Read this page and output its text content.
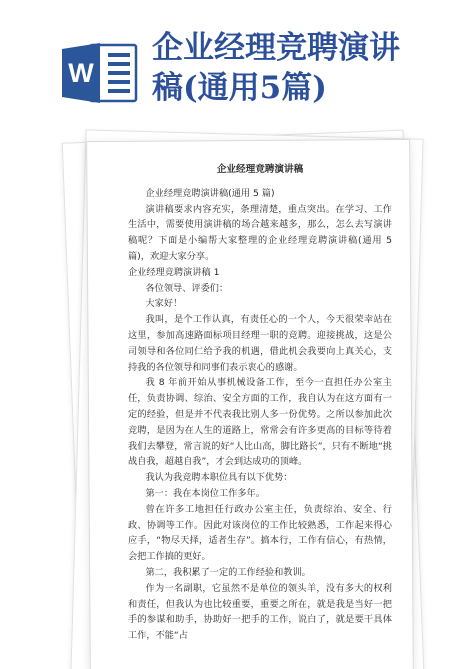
W
企业经理竞聘演讲
稿(通用5篇)
企业经理竞聘演讲稿

企业经理竞聘演讲稿(通用 5 篇)

演讲稿要求内容充实，条理清楚，重点突出。在学习、工作生活中，需要使用演讲稿的场合越来越多，那么，怎么去写演讲稿呢？下面是小编帮大家整理的企业经理竞聘演讲稿(通用 5 篇)，欢迎大家分享。

企业经理竞聘演讲稿 1

各位领导、评委们：

大家好！

我叫，是个工作认真，有责任心的一个人，今天很荣幸站在这里，参加高速路面标项目经理一职的竞聘。迎接挑战，这是公司领导和各位同仁给予我的机遇，借此机会我要向上真关心，支持我的各位领导和同事们表示衷心的感谢。

我 8 年前开始从事机械设备工作，至今一直担任办公室主任，负责协调、综治、安全方面的工作，我自认为在这方面有一定的经验，但是并不代表我比别人多一份优势。之所以参加此次竞聘，是因为在人生的道路上，常常会有许多更高的目标等待着我们去攀登，常言说的好“人比山高，脚比路长”，只有不断地“挑战自我，超越自我”，才会到达成功的顶峰。

我认为我竞聘本职位具有以下优势：

第一：我在本岗位工作多年。

曾在许多工地担任行政办公室主任，负责综治、安全、行政、协调等工作。因此对该岗位的工作比较熟悉，工作起来得心应手，“物尽天择，适者生存”。搞本行，工作有信心，有热情，会把工作搞的更好。

第二，我积累了一定的工作经验和教训。

作为一名副职，它虽然不是单位的领头羊，没有多大的权利和责任，但我认为也比较重要，重要之所在，就是我是当好一把手的参谋和助手，协助好一把手的工作，说白了，就是要干具体工作，不能“占
